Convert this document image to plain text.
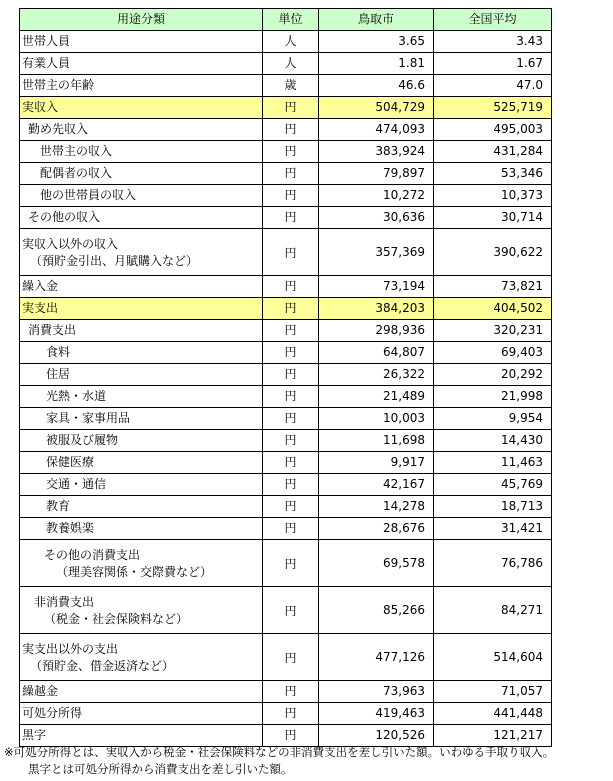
用途分類	単位	鳥取市	全国平均
世帯人員	人	3.65	3.43
有業人員	人	1.81	1.67
世帯主の年齢	歳	46.6	47.0
実収入	円	504,729	525,719
勤め先収入	円	474,093	495,003
世帯主の収入	円	383,924	431,284
配偶者の収入	円	79,897	53,346
他の世帯員の収入	円	10,272	10,373
その他の収入	円	30,636	30,714

実収入以外の収入
（預貯金引出、月賦購入など）	円	357,369	390,622
繰入金	円	73,194	73,821
実支出	円	384,203	404,502
消費支出	円	298,936	320,231
食料	円	64,807	69,403
住居	円	26,322	20,292
光熱・水道	円	21,489	21,998
家具・家事用品	円	10,003	9,954
被服及び履物	円	11,698	14,430
保健医療	円	9,917	11,463
交通・通信	円	42,167	45,769
教育	円	14,278	18,713
教養娯楽	円	28,676	31,421

その他の消費支出
（理美容関係・交際費など）	円	69,578	76,786

非消費支出
（税金・社会保険料など）	円	85,266	84,271

実支出以外の支出
（預貯金、借金返済など）	円	477,126	514,604
繰越金	円	73,963	71,057
可処分所得	円	419,463	441,448
黒字	円	120,526	121,217
※可処分所得とは、実収入から税金・社会保険料などの非消費支出を差し引いた額。いわゆる手取り収入。
黒字とは可処分所得から消費支出を差し引いた額。
